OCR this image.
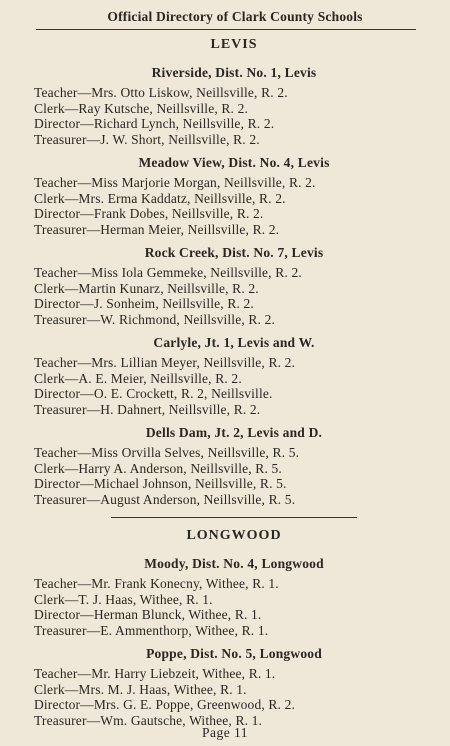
Official Directory of Clark County Schools
LEVIS
Riverside, Dist. No. 1, Levis
Teacher—Mrs. Otto Liskow, Neillsville, R. 2.
Clerk—Ray Kutsche, Neillsville, R. 2.
Director—Richard Lynch, Neillsville, R. 2.
Treasurer—J. W. Short, Neillsville, R. 2.
Meadow View, Dist. No. 4, Levis
Teacher—Miss Marjorie Morgan, Neillsville, R. 2.
Clerk—Mrs. Erma Kaddatz, Neillsville, R. 2.
Director—Frank Dobes, Neillsville, R. 2.
Treasurer—Herman Meier, Neillsville, R. 2.
Rock Creek, Dist. No. 7, Levis
Teacher—Miss Iola Gemmeke, Neillsville, R. 2.
Clerk—Martin Kunarz, Neillsville, R. 2.
Director—J. Sonheim, Neillsville, R. 2.
Treasurer—W. Richmond, Neillsville, R. 2.
Carlyle, Jt. 1, Levis and W.
Teacher—Mrs. Lillian Meyer, Neillsville, R. 2.
Clerk—A. E. Meier, Neillsville, R. 2.
Director—O. E. Crockett, R. 2, Neillsville.
Treasurer—H. Dahnert, Neillsville, R. 2.
Dells Dam, Jt. 2, Levis and D.
Teacher—Miss Orvilla Selves, Neillsville, R. 5.
Clerk—Harry A. Anderson, Neillsville, R. 5.
Director—Michael Johnson, Neillsville, R. 5.
Treasurer—August Anderson, Neillsville, R. 5.
LONGWOOD
Moody, Dist. No. 4, Longwood
Teacher—Mr. Frank Konecny, Withee, R. 1.
Clerk—T. J. Haas, Withee, R. 1.
Director—Herman Blunck, Withee, R. 1.
Treasurer—E. Ammenthorp, Withee, R. 1.
Poppe, Dist. No. 5, Longwood
Teacher—Mr. Harry Liebzeit, Withee, R. 1.
Clerk—Mrs. M. J. Haas, Withee, R. 1.
Director—Mrs. G. E. Poppe, Greenwood, R. 2.
Treasurer—Wm. Gautsche, Withee, R. 1.
Page 11
